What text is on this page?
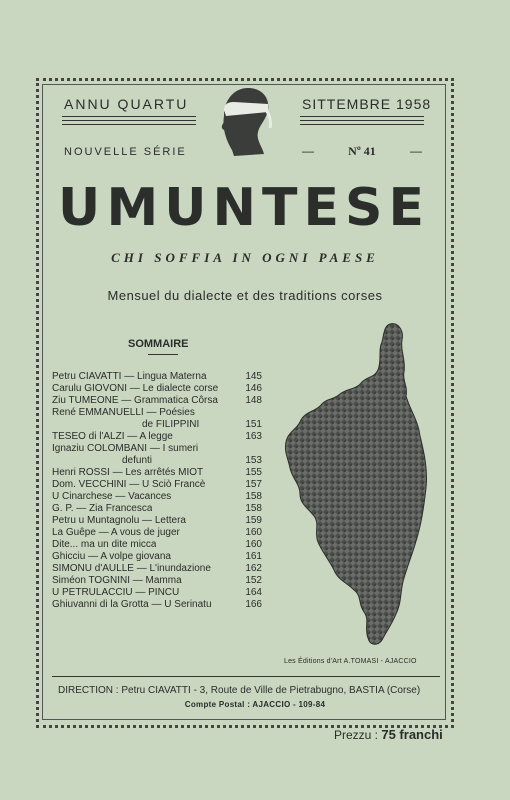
ANNU QUARTU	SITTEMBRE 1958
NOUVELLE SÉRIE	—	Nº 41	—
U MUNTESE
CHI SOFFIA IN OGNI PAESE
Mensuel du dialecte et des traditions corses
SOMMAIRE
Petru CIAVATTI — Lingua Materna	145
Carulu GIOVONI — Le dialecte corse	146
Ziu TUMEONE — Grammatica Côrsa	148
René EMMANUELLI — Poésies
de FILIPPINI	151
TESEO di l'ALZI — A legge	163
Ignaziu COLOMBANI — I sumeri
defunti	153
Henri ROSSI — Les arrêtés MIOT	155
Dom. VECCHINI — U Sciò Francè	157
U Cinarchese — Vacances	158
G. P. — Zia Francesca	158
Petru u Muntagnolu — Lettera	159
La Guêpe — A vous de juger	160
Dite... ma un dite micca	160
Ghicciu — A volpe giovana	161
SIMONU d'AULLE — L'inundazione	162
Siméon TOGNINI — Mamma	152
U PETRULACCIU — PINCU	164
Ghiuvanni di la Grotta — U Serinatu	166
Les Éditions d'Art A.TOMASI - AJACCIO
DIRECTION : Petru CIAVATTI - 3, Route de Ville de Pietrabugno, BASTIA (Corse)
Compte Postal : AJACCIO - 109-84
Prezzu : 75 franchi
